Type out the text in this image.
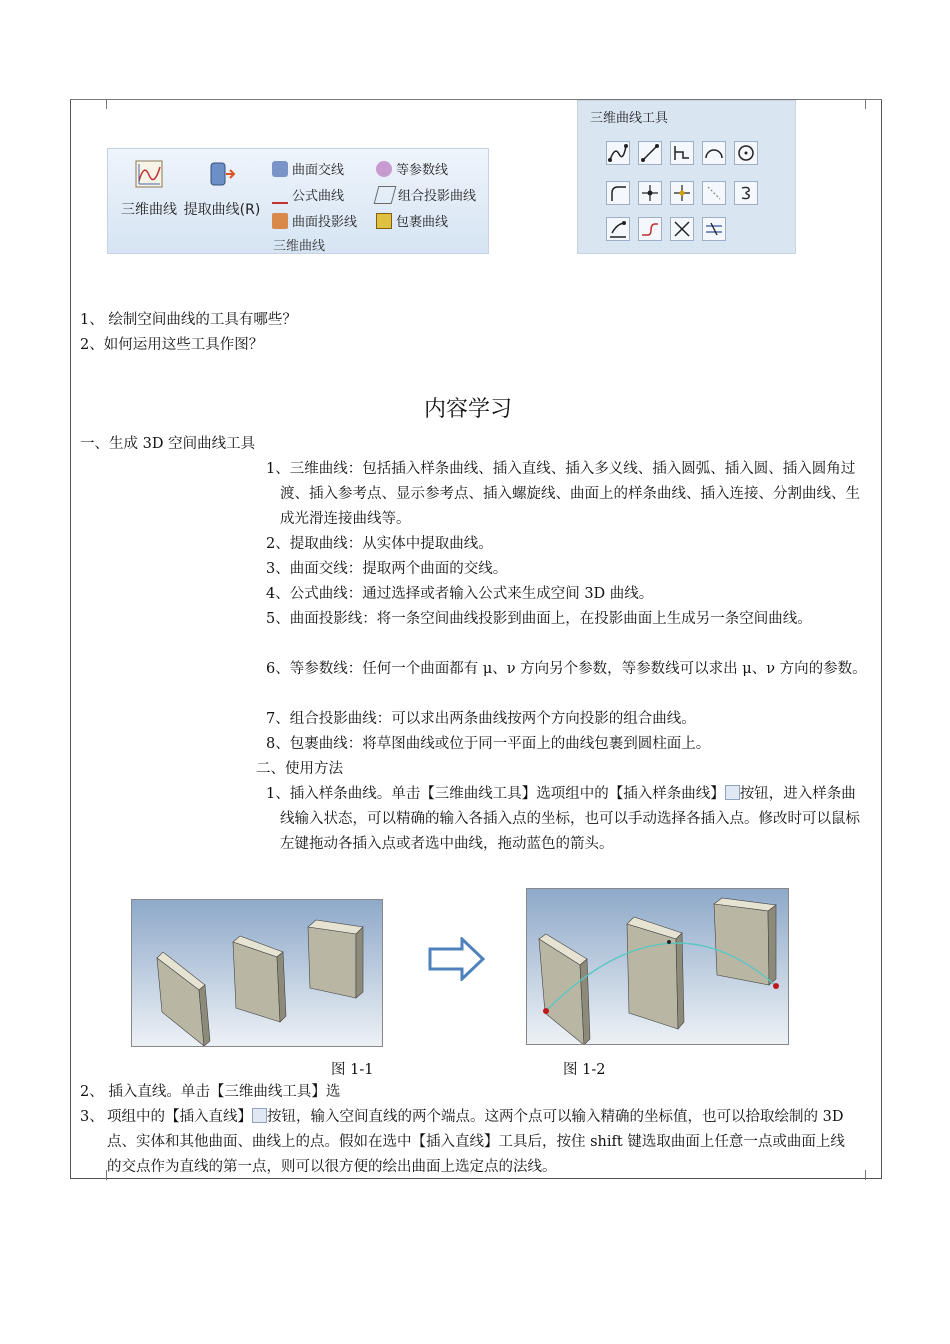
三维曲线 提取曲线(R)
曲面交线	等参数线
公式曲线	组合投影曲线
曲面投影线	包裹曲线
三维曲线
三维曲线工具
1、 绘制空间曲线的工具有哪些？
2、如何运用这些工具作图？
内容学习
一、生成 3D 空间曲线工具
1、三维曲线：包括插入样条曲线、插入直线、插入多义线、插入圆弧、插入圆、插入圆角过渡、插入参考点、显示参考点、插入螺旋线、曲面上的样条曲线、插入连接、分割曲线、生成光滑连接曲线等。
2、提取曲线：从实体中提取曲线。
3、曲面交线：提取两个曲面的交线。
4、公式曲线：通过选择或者输入公式来生成空间 3D 曲线。
5、曲面投影线：将一条空间曲线投影到曲面上，在投影曲面上生成另一条空间曲线。
6、等参数线：任何一个曲面都有 μ、ν 方向另个参数，等参数线可以求出 μ、ν 方向的参数。
7、组合投影曲线：可以求出两条曲线按两个方向投影的组合曲线。
8、包裹曲线：将草图曲线或位于同一平面上的曲线包裹到圆柱面上。
二、使用方法
1、插入样条曲线。单击【三维曲线工具】选项组中的【插入样条曲线】 按钮，进入样条曲线输入状态，可以精确的输入各插入点的坐标，也可以手动选择各插入点。修改时可以鼠标左键拖动各插入点或者选中曲线，拖动蓝色的箭头。
图 1-1	图 1-2
2、 插入直线。单击【三维曲线工具】选
3、 项组中的【插入直线】 按钮，输入空间直线的两个端点。这两个点可以输入精确的坐标值，也可以拾取绘制的 3D 点、实体和其他曲面、曲线上的点。假如在选中【插入直线】工具后，按住 shift 键选取曲面上任意一点或曲面上线的交点作为直线的第一点，则可以很方便的绘出曲面上选定点的法线。
